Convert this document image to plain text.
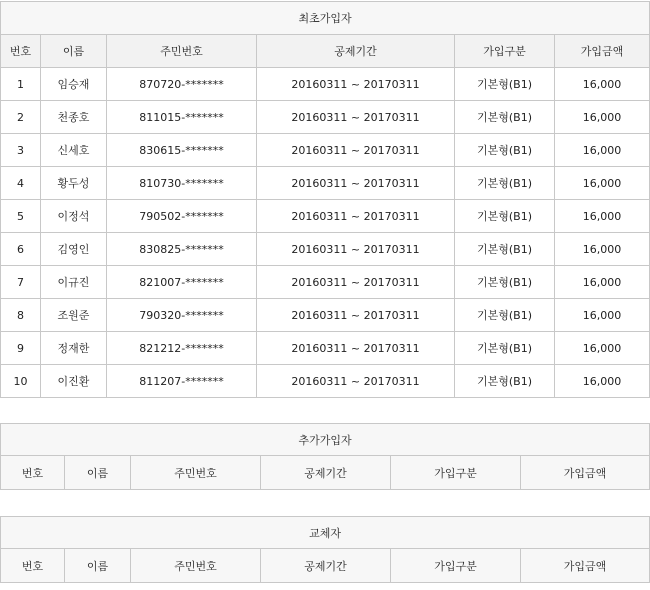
최초가입자					
번호	이름	주민번호	공제기간	가입구분	가입금액
1	임승재	870720-*******	20160311 ~ 20170311	기본형(B1)	16,000
2	천종호	811015-*******	20160311 ~ 20170311	기본형(B1)	16,000
3	신세호	830615-*******	20160311 ~ 20170311	기본형(B1)	16,000
4	황두성	810730-*******	20160311 ~ 20170311	기본형(B1)	16,000
5	이정석	790502-*******	20160311 ~ 20170311	기본형(B1)	16,000
6	김영인	830825-*******	20160311 ~ 20170311	기본형(B1)	16,000
7	이규진	821007-*******	20160311 ~ 20170311	기본형(B1)	16,000
8	조원준	790320-*******	20160311 ~ 20170311	기본형(B1)	16,000
9	정재한	821212-*******	20160311 ~ 20170311	기본형(B1)	16,000
10	이진환	811207-*******	20160311 ~ 20170311	기본형(B1)	16,000
추가가입자
번호	이름	주민번호	공제기간	가입구분	가입금액
교체자
번호	이름	주민번호	공제기간	가입구분	가입금액
